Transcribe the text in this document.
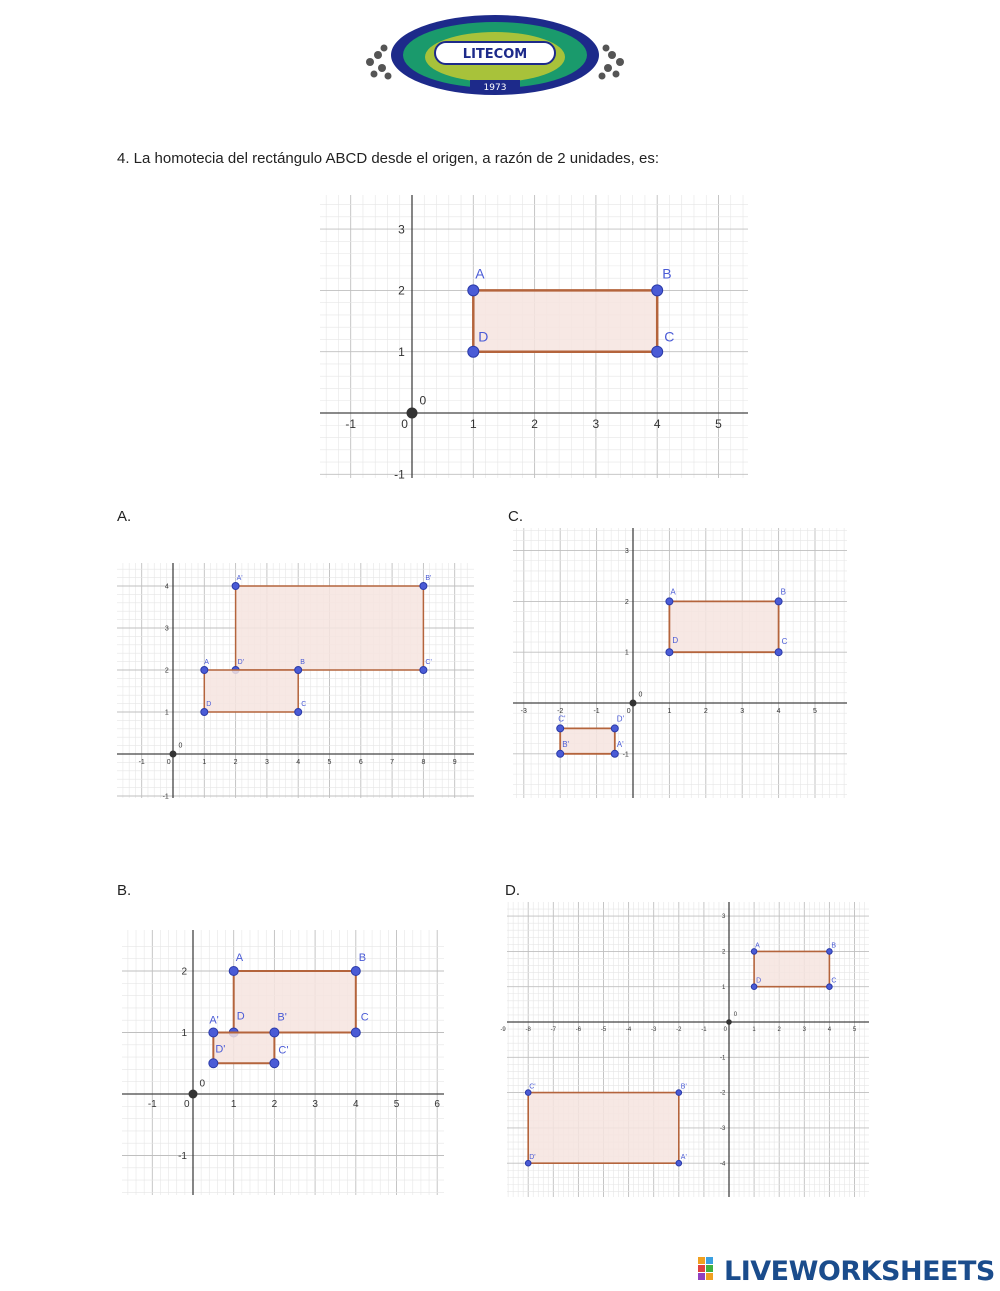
LITECOM
1973
4. La homotecia del rectángulo ABCD desde el origen, a razón de 2 unidades, es:
-1	1	2	3	4	5
-1
1
2
3
0
0
A	B
C
D
A.	C.
B.	D.
-1	1	2	3	4	5	6	7	8	9
-1
1
2
3
4
0
0
A'	B'
C'
D'
A	B
C
D
-3	-2	-1	1	2	3	4	5
-1
1
2
3
0
0
A	B
C
D
C'	D'
A'
B'
-1	1	2	3	4	5	6
-1
1
2
0
0
A	B
C
D
A'	B'
C'
D'
-9	-8	-7	-6	-5	-4	-3	-2	-1	1	2	3	4	5
-4
-3
-2
-1
1
2
3
0
0
A	B
C
D
C'	B'
A'
D'
LIVEWORKSHEETS
